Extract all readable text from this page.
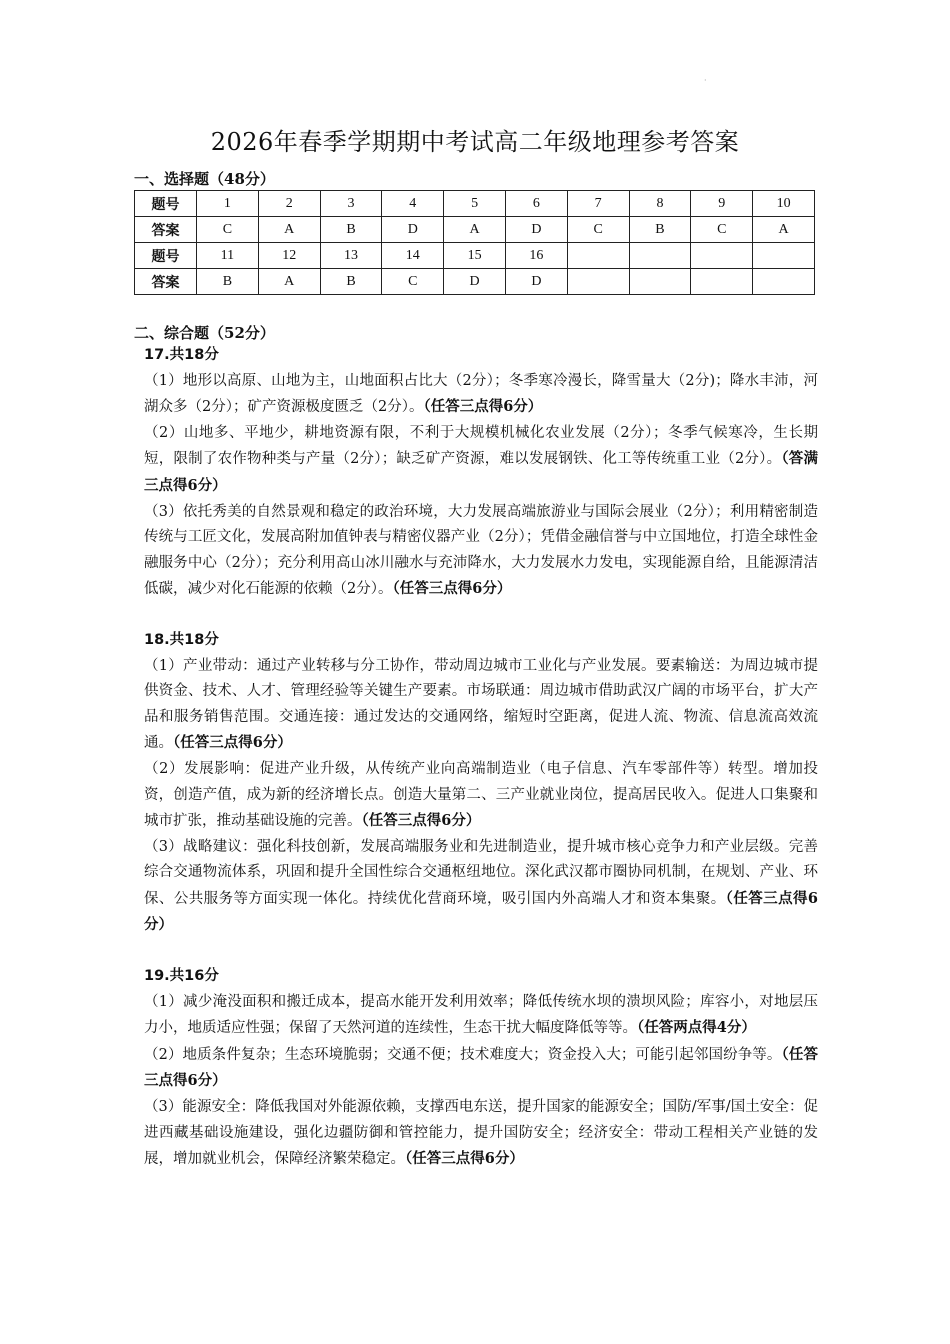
·
2026年春季学期期中考试高二年级地理参考答案
一、选择题（48分）
题号	1	2	3	4	5	6	7	8	9	10
答案	C	A	B	D	A	D	C	B	C	A
题号	11	12	13	14	15	16				
答案	B	A	B	C	D	D				
二、综合题（52分）

17.共18分

（1）地形以高原、山地为主，山地面积占比大（2分）；冬季寒冷漫长，降雪量大（2分)；降水丰沛，河湖众多（2分）；矿产资源极度匮乏（2分）。（任答三点得6分）

（2）山地多、平地少，耕地资源有限，不利于大规模机械化农业发展（2分）；冬季气候寒冷，生长期短，限制了农作物种类与产量（2分）；缺乏矿产资源，难以发展钢铁、化工等传统重工业（2分）。（答满三点得6分）

（3）依托秀美的自然景观和稳定的政治环境，大力发展高端旅游业与国际会展业（2分）；利用精密制造传统与工匠文化，发展高附加值钟表与精密仪器产业（2分）；凭借金融信誉与中立国地位，打造全球性金融服务中心（2分）；充分利用高山冰川融水与充沛降水，大力发展水力发电，实现能源自给，且能源清洁低碳，减少对化石能源的依赖（2分）。（任答三点得6分）

18.共18分

（1）产业带动：通过产业转移与分工协作，带动周边城市工业化与产业发展。要素输送：为周边城市提供资金、技术、人才、管理经验等关键生产要素。市场联通：周边城市借助武汉广阔的市场平台，扩大产品和服务销售范围。交通连接：通过发达的交通网络，缩短时空距离，促进人流、物流、信息流高效流通。（任答三点得6分）

（2）发展影响：促进产业升级，从传统产业向高端制造业（电子信息、汽车零部件等）转型。增加投资，创造产值，成为新的经济增长点。创造大量第二、三产业就业岗位，提高居民收入。促进人口集聚和城市扩张，推动基础设施的完善。（任答三点得6分）

（3）战略建议：强化科技创新，发展高端服务业和先进制造业，提升城市核心竞争力和产业层级。完善综合交通物流体系，巩固和提升全国性综合交通枢纽地位。深化武汉都市圈协同机制，在规划、产业、环保、公共服务等方面实现一体化。持续优化营商环境，吸引国内外高端人才和资本集聚。（任答三点得6分）

19.共16分

（1）减少淹没面积和搬迁成本，提高水能开发利用效率；降低传统水坝的溃坝风险；库容小，对地层压力小，地质适应性强；保留了天然河道的连续性，生态干扰大幅度降低等等。（任答两点得4分）

（2）地质条件复杂；生态环境脆弱；交通不便；技术难度大；资金投入大；可能引起邻国纷争等。（任答三点得6分）

（3）能源安全：降低我国对外能源依赖，支撑西电东送，提升国家的能源安全；国防/军事/国土安全：促进西藏基础设施建设，强化边疆防御和管控能力，提升国防安全；经济安全：带动工程相关产业链的发展，增加就业机会，保障经济繁荣稳定。（任答三点得6分）
